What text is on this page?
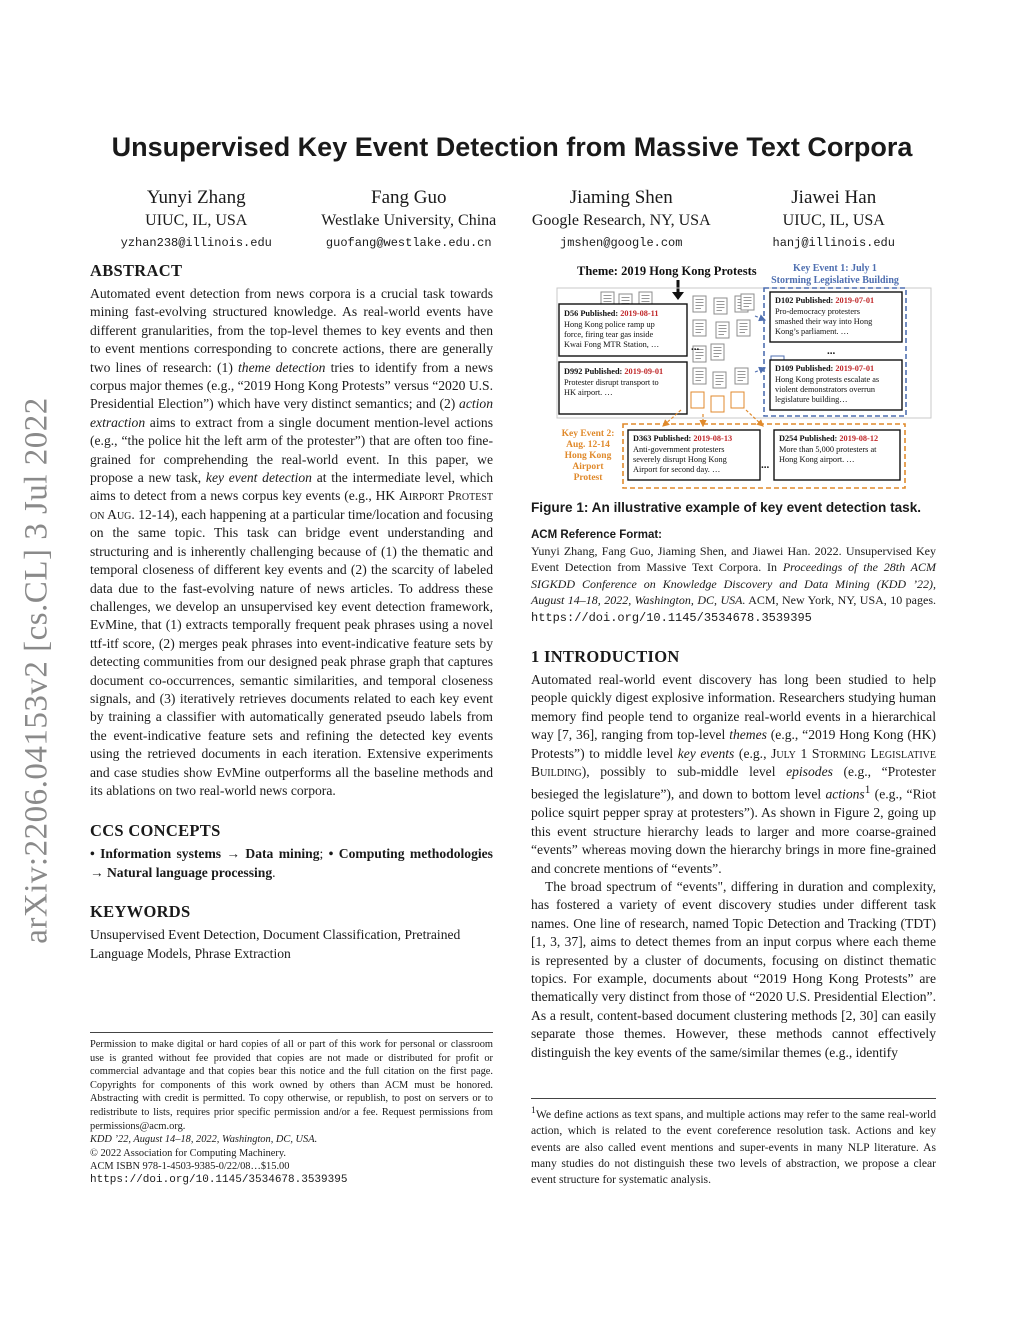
arXiv:2206.04153v2 [cs.CL] 3 Jul 2022
Unsupervised Key Event Detection from Massive Text Corpora
Yunyi Zhang
UIUC, IL, USA
yzhan238@illinois.edu
Fang Guo
Westlake University, China
guofang@westlake.edu.cn
Jiaming Shen
Google Research, NY, USA
jmshen@google.com
Jiawei Han
UIUC, IL, USA
hanj@illinois.edu
ABSTRACT

Automated event detection from news corpora is a crucial task towards mining fast-evolving structured knowledge. As real-world events have different granularities, from the top-level themes to key events and then to event mentions corresponding to concrete actions, there are generally two lines of research: (1) theme detection tries to identify from a news corpus major themes (e.g., “2019 Hong Kong Protests” versus “2020 U.S. Presidential Election”) which have very distinct semantics; and (2) action extraction aims to extract from a single document mention-level actions (e.g., “the police hit the left arm of the protester”) that are often too fine-grained for comprehending the real-world event. In this paper, we propose a new task, key event detection at the intermediate level, which aims to detect from a news corpus key events (e.g., HK Airport Protest on Aug. 12-14), each happening at a particular time/location and focusing on the same topic. This task can bridge event understanding and structuring and is inherently challenging because of (1) the thematic and temporal closeness of different key events and (2) the scarcity of labeled data due to the fast-evolving nature of news articles. To address these challenges, we develop an unsupervised key event detection framework, EvMine, that (1) extracts temporally frequent peak phrases using a novel ttf-itf score, (2) merges peak phrases into event-indicative feature sets by detecting communities from our designed peak phrase graph that captures document co-occurrences, semantic similarities, and temporal closeness signals, and (3) iteratively retrieves documents related to each key event by training a classifier with automatically generated pseudo labels from the event-indicative feature sets and refining the detected key events using the retrieved documents in each iteration. Extensive experiments and case studies show EvMine outperforms all the baseline methods and its ablations on two real-world news corpora.

CCS CONCEPTS

• Information systems → Data mining; • Computing methodologies → Natural language processing.

KEYWORDS

Unsupervised Event Detection, Document Classification, Pretrained Language Models, Phrase Extraction

Permission to make digital or hard copies of all or part of this work for personal or classroom use is granted without fee provided that copies are not made or distributed for profit or commercial advantage and that copies bear this notice and the full citation on the first page. Copyrights for components of this work owned by others than ACM must be honored. Abstracting with credit is permitted. To copy otherwise, or republish, to post on servers or to redistribute to lists, requires prior specific permission and/or a fee. Request permissions from permissions@acm.org.
KDD ’22, August 14–18, 2022, Washington, DC, USA.
© 2022 Association for Computing Machinery.
ACM ISBN 978-1-4503-9385-0/22/08…$15.00
https://doi.org/10.1145/3534678.3539395
Theme: 2019 Hong Kong Protests	Key Event 1: July 1
Storming Legislative Building
D102 Published: 2019-07-01
Pro-democracy protesters
smashed their way into Hong
Kong’s parliament. …
...
D109 Published: 2019-07-01
Hong Kong protests escalate as
violent demonstrators overrun
legislature building…
D56 Published: 2019-08-11
Hong Kong police ramp up
force, firing tear gas inside
Kwai Fong MTR Station, …	...
D992 Published: 2019-09-01
Protester disrupt transport to
HK airport. …
Key Event 2:
Aug. 12-14
Hong Kong
Airport
Protest
D363 Published: 2019-08-13
Anti-government protesters
severely disrupt Hong Kong
Airport for second day. …	...
D254 Published: 2019-08-12
More than 5,000 protesters at
Hong Kong airport. …
Figure 1: An illustrative example of key event detection task.
ACM Reference Format:

Yunyi Zhang, Fang Guo, Jiaming Shen, and Jiawei Han. 2022. Unsupervised Key Event Detection from Massive Text Corpora. In Proceedings of the 28th ACM SIGKDD Conference on Knowledge Discovery and Data Mining (KDD ’22), August 14–18, 2022, Washington, DC, USA. ACM, New York, NY, USA, 10 pages. https://doi.org/10.1145/3534678.3539395

1 INTRODUCTION

Automated real-world event discovery has long been studied to help people quickly digest explosive information. Researchers studying human memory find people tend to organize real-world events in a hierarchical way [7, 36], ranging from top-level themes (e.g., “2019 Hong Kong (HK) Protests”) to middle level key events (e.g., July 1 Storming Legislative Building), possibly to sub-middle level episodes (e.g., “Protester besieged the legislature”), and down to bottom level actions$^1$ (e.g., “Riot police squirt pepper spray at protesters”). As shown in Figure 2, going up this event structure hierarchy leads to larger and more coarse-grained “events” whereas moving down the hierarchy brings in more fine-grained and concrete mentions of “events”.

The broad spectrum of “events", differing in duration and complexity, has fostered a variety of event discovery studies under different task names. One line of research, named Topic Detection and Tracking (TDT) [1, 3, 37], aims to detect themes from an input corpus where each theme is represented by a cluster of documents, focusing on distinct thematic topics. For example, documents about “2019 Hong Kong Protests” are thematically very distinct from those of “2020 U.S. Presidential Election”. As a result, content-based document clustering methods [2, 30] can easily separate those themes. However, these methods cannot effectively distinguish the key events of the same/similar themes (e.g., identify

$^1$We define actions as text spans, and multiple actions may refer to the same real-world action, which is related to the event coreference resolution task. Actions and key events are also called event mentions and super-events in many NLP literature. As many studies do not distinguish these two levels of abstraction, we propose a clear event structure for systematic analysis.
